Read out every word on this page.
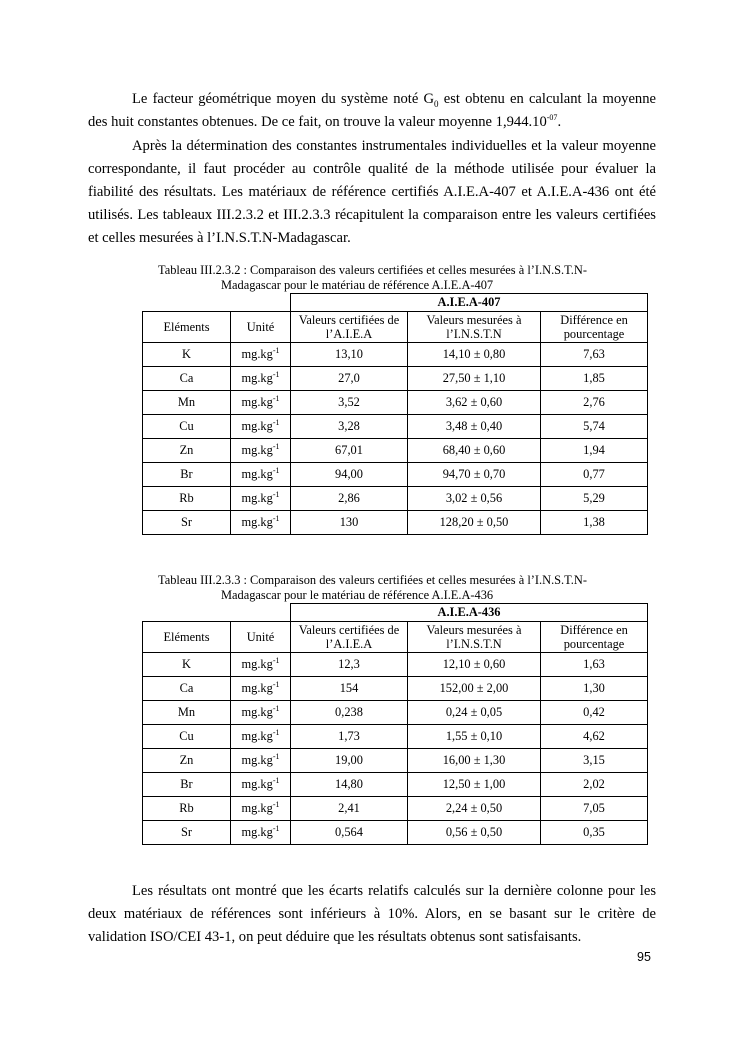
Le facteur géométrique moyen du système noté $G_0$ est obtenu en calculant la moyenne des huit constantes obtenues. De ce fait, on trouve la valeur moyenne $1,944.10^{-07}$.

Après la détermination des constantes instrumentales individuelles et la valeur moyenne correspondante, il faut procéder au contrôle qualité de la méthode utilisée pour évaluer la fiabilité des résultats. Les matériaux de référence certifiés A.I.E.A-407 et A.I.E.A-436 ont été utilisés. Les tableaux III.2.3.2 et III.2.3.3 récapitulent la comparaison entre les valeurs certifiées et celles mesurées à l’I.N.S.T.N-Madagascar.

Tableau III.2.3.2 : Comparaison des valeurs certifiées et celles mesurées à l’I.N.S.T.N-
Madagascar pour le matériau de référence A.I.E.A-407

		A.I.E.A-407		
Eléments	Unité	Valeurs certifiées de l’A.I.E.A	Valeurs mesurées à l’I.N.S.T.N	Différence en pourcentage
K	$mg.kg^{-1}$	13,10	14,10 ± 0,80	7,63
Ca	$mg.kg^{-1}$	27,0	27,50 ± 1,10	1,85
Mn	$mg.kg^{-1}$	3,52	3,62 ± 0,60	2,76
Cu	$mg.kg^{-1}$	3,28	3,48 ± 0,40	5,74
Zn	$mg.kg^{-1}$	67,01	68,40 ± 0,60	1,94
Br	$mg.kg^{-1}$	94,00	94,70 ± 0,70	0,77
Rb	$mg.kg^{-1}$	2,86	3,02 ± 0,56	5,29
Sr	$mg.kg^{-1}$	130	128,20 ± 0,50	1,38

Tableau III.2.3.3 : Comparaison des valeurs certifiées et celles mesurées à l’I.N.S.T.N-
Madagascar pour le matériau de référence A.I.E.A-436

		A.I.E.A-436		
Eléments	Unité	Valeurs certifiées de l’A.I.E.A	Valeurs mesurées à l’I.N.S.T.N	Différence en pourcentage
K	$mg.kg^{-1}$	12,3	12,10 ± 0,60	1,63
Ca	$mg.kg^{-1}$	154	152,00 ± 2,00	1,30
Mn	$mg.kg^{-1}$	0,238	0,24 ± 0,05	0,42
Cu	$mg.kg^{-1}$	1,73	1,55 ± 0,10	4,62
Zn	$mg.kg^{-1}$	19,00	16,00 ± 1,30	3,15
Br	$mg.kg^{-1}$	14,80	12,50 ± 1,00	2,02
Rb	$mg.kg^{-1}$	2,41	2,24 ± 0,50	7,05
Sr	$mg.kg^{-1}$	0,564	0,56 ± 0,50	0,35

Les résultats ont montré que les écarts relatifs calculés sur la dernière colonne pour les deux matériaux de références sont inférieurs à 10%. Alors, en se basant sur le critère de validation ISO/CEI 43-1, on peut déduire que les résultats obtenus sont satisfaisants.

95
